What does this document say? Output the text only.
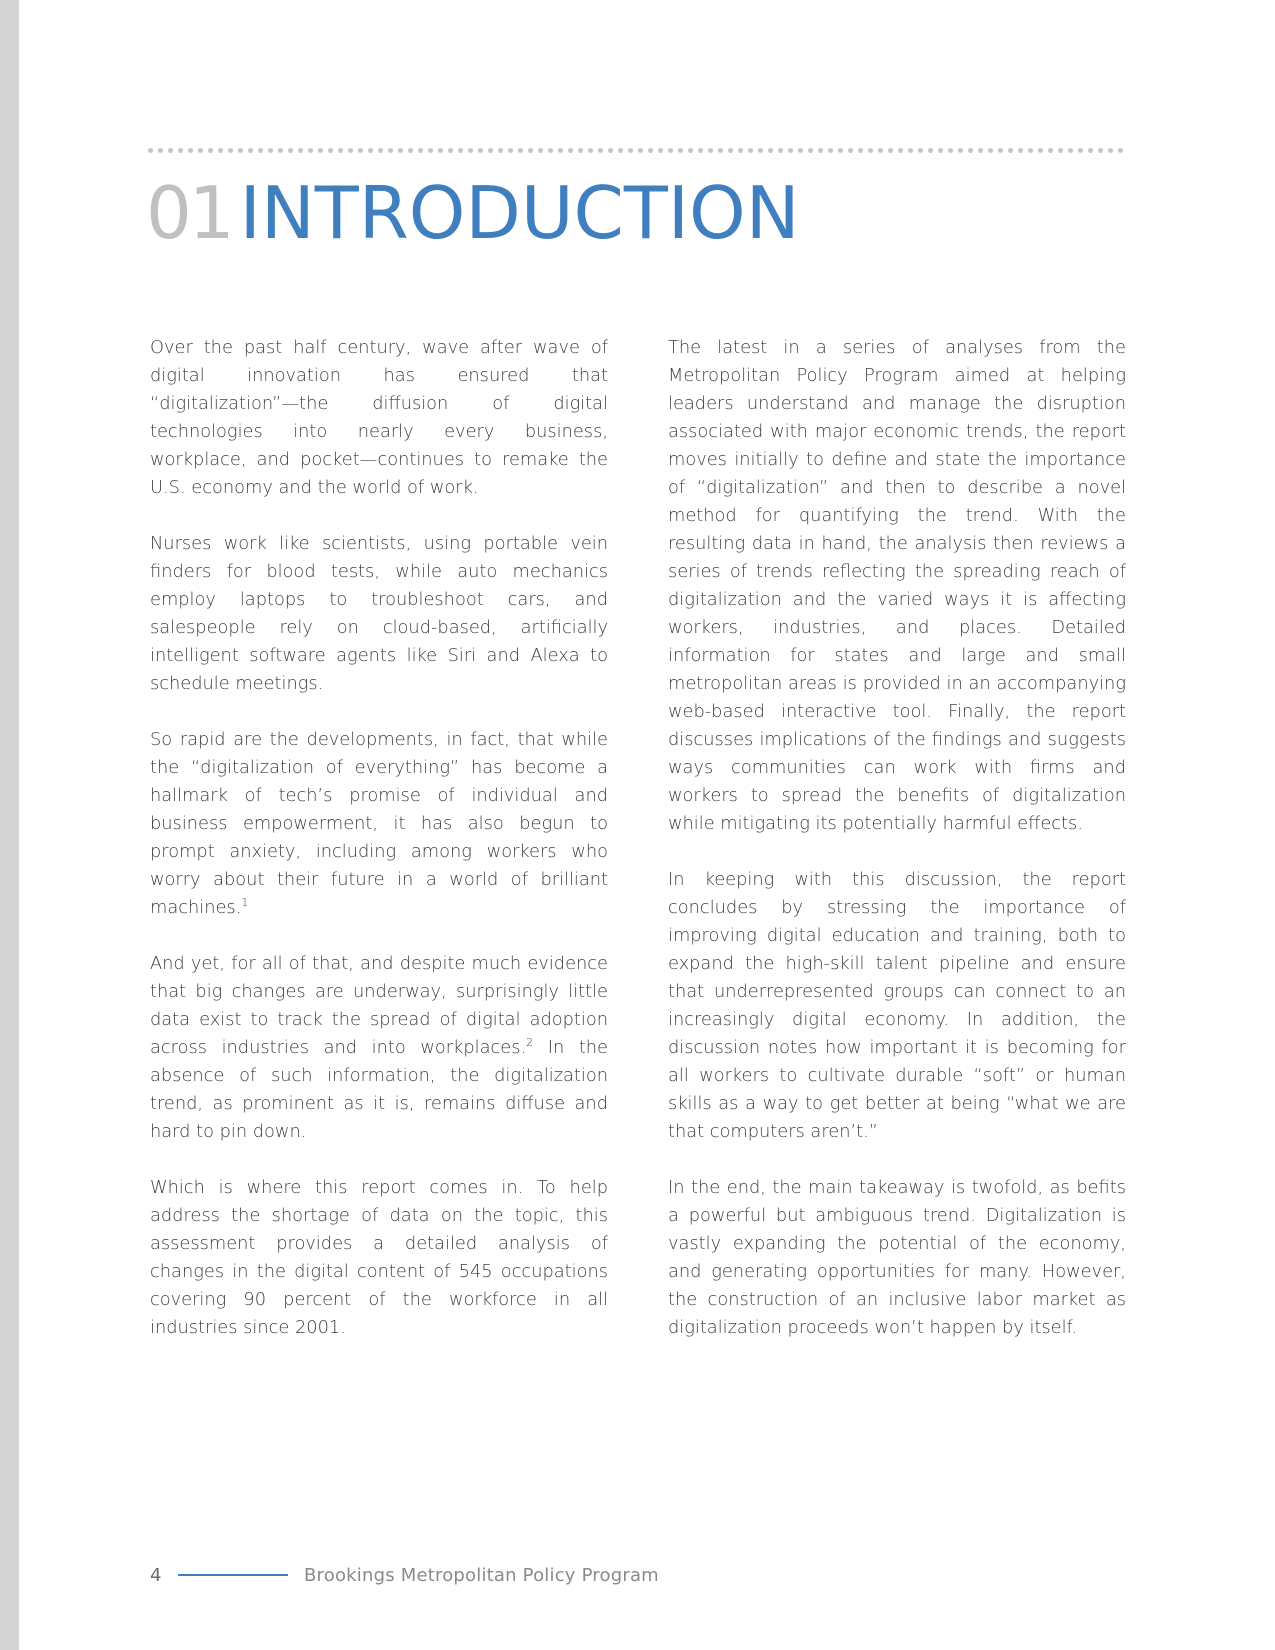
01 INTRODUCTION

Over the past half century, wave after wave of digital innovation has ensured that “digitalization”—the diffusion of digital technologies into nearly every business, workplace, and pocket—continues to remake the U.S. economy and the world of work.

Nurses work like scientists, using portable vein finders for blood tests, while auto mechanics employ laptops to troubleshoot cars, and salespeople rely on cloud-based, artificially intelligent software agents like Siri and Alexa to schedule meetings.

So rapid are the developments, in fact, that while the “digitalization of everything” has become a hallmark of tech’s promise of individual and business empowerment, it has also begun to prompt anxiety, including among workers who worry about their future in a world of brilliant machines.$^1$

And yet, for all of that, and despite much evidence that big changes are underway, surprisingly little data exist to track the spread of digital adoption across industries and into workplaces.$^2$ In the absence of such information, the digitalization trend, as prominent as it is, remains diffuse and hard to pin down.

Which is where this report comes in. To help address the shortage of data on the topic, this assessment provides a detailed analysis of changes in the digital content of 545 occupations covering 90 percent of the workforce in all industries since 2001.

The latest in a series of analyses from the Metropolitan Policy Program aimed at helping leaders understand and manage the disruption associated with major economic trends, the report moves initially to define and state the importance of “digitalization” and then to describe a novel method for quantifying the trend. With the resulting data in hand, the analysis then reviews a series of trends reflecting the spreading reach of digitalization and the varied ways it is affecting workers, industries, and places. Detailed information for states and large and small metropolitan areas is provided in an accompanying web-based interactive tool. Finally, the report discusses implications of the findings and suggests ways communities can work with firms and workers to spread the benefits of digitalization while mitigating its potentially harmful effects.

In keeping with this discussion, the report concludes by stressing the importance of improving digital education and training, both to expand the high-skill talent pipeline and ensure that underrepresented groups can connect to an increasingly digital economy. In addition, the discussion notes how important it is becoming for all workers to cultivate durable “soft” or human skills as a way to get better at being “what we are that computers aren’t.”

In the end, the main takeaway is twofold, as befits a powerful but ambiguous trend. Digitalization is vastly expanding the potential of the economy, and generating opportunities for many. However, the construction of an inclusive labor market as digitalization proceeds won’t happen by itself.

4	Brookings Metropolitan Policy Program
